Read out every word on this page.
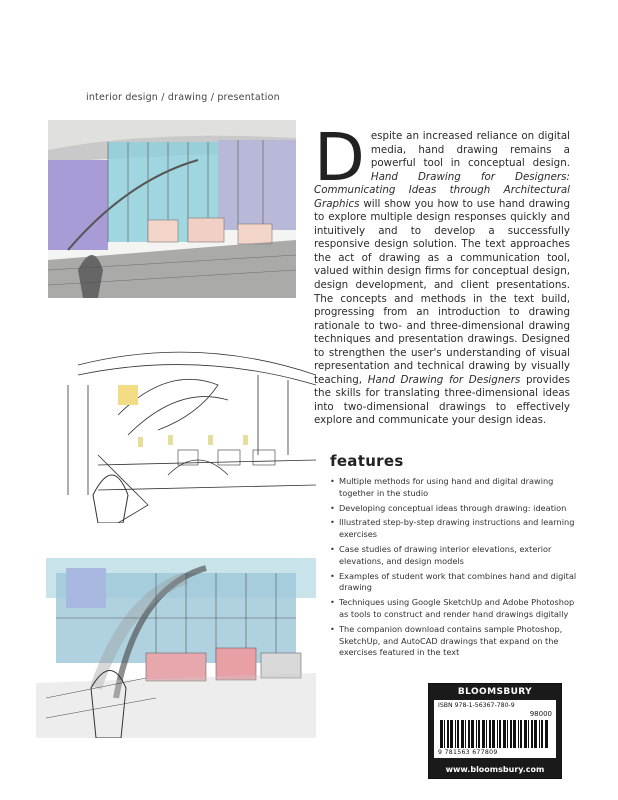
interior design / drawing / presentation
Despite an increased reliance on digital media, hand drawing remains a powerful tool in conceptual design. Hand Drawing for Designers: Communicating Ideas through Architectural Graphics will show you how to use hand drawing to explore multiple design responses quickly and intuitively and to develop a successfully responsive design solution. The text approaches the act of drawing as a communication tool, valued within design firms for conceptual design, design development, and client presentations. The concepts and methods in the text build, progressing from an introduction to drawing rationale to two- and three-dimensional drawing techniques and presentation drawings. Designed to strengthen the user's understanding of visual representation and technical drawing by visually teaching, Hand Drawing for Designers provides the skills for translating three-dimensional ideas into two-dimensional drawings to effectively explore and communicate your design ideas.
features
• Multiple methods for using hand and digital drawing together in the studio
• Developing conceptual ideas through drawing: ideation
• Illustrated step-by-step drawing instructions and learning exercises
• Case studies of drawing interior elevations, exterior elevations, and design models
• Examples of student work that combines hand and digital drawing
• Techniques using Google SketchUp and Adobe Photoshop as tools to construct and render hand drawings digitally
• The companion download contains sample Photoshop, SketchUp, and AutoCAD drawings that expand on the exercises featured in the text
BLOOMSBURY
ISBN 978-1-56367-780-9
98000
9 781563 677809
www.bloomsbury.com
